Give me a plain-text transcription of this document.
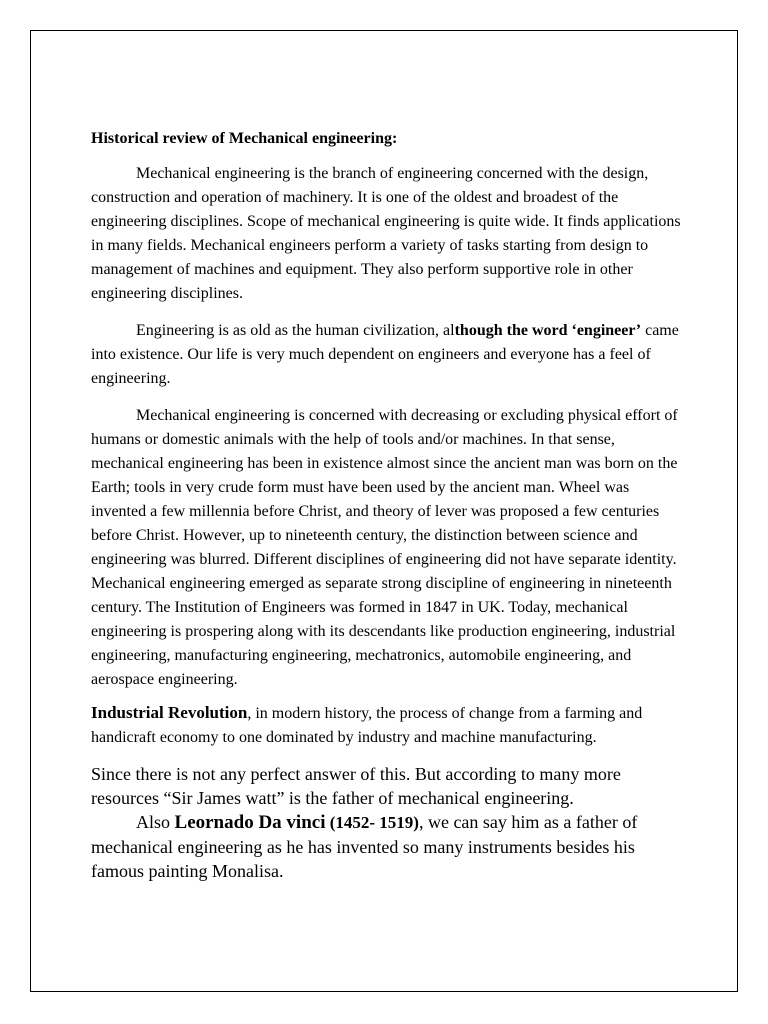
Historical review of Mechanical engineering:

Mechanical engineering is the branch of engineering concerned with the design, construction and operation of machinery. It is one of the oldest and broadest of the engineering disciplines. Scope of mechanical engineering is quite wide. It finds applications in many fields. Mechanical engineers perform a variety of tasks starting from design to management of machines and equipment. They also perform supportive role in other engineering disciplines.

Engineering is as old as the human civilization, although the word ‘engineer’ came into existence. Our life is very much dependent on engineers and everyone has a feel of engineering.

Mechanical engineering is concerned with decreasing or excluding physical effort of humans or domestic animals with the help of tools and/or machines. In that sense, mechanical engineering has been in existence almost since the ancient man was born on the Earth; tools in very crude form must have been used by the ancient man. Wheel was invented a few millennia before Christ, and theory of lever was proposed a few centuries before Christ. However, up to nineteenth century, the distinction between science and engineering was blurred. Different disciplines of engineering did not have separate identity. Mechanical engineering emerged as separate strong discipline of engineering in nineteenth century. The Institution of Engineers was formed in 1847 in UK. Today, mechanical engineering is prospering along with its descendants like production engineering, industrial engineering, manufacturing engineering, mechatronics, automobile engineering, and aerospace engineering.

Industrial Revolution, in modern history, the process of change from a farming and handicraft economy to one dominated by industry and machine manufacturing.

Since there is not any perfect answer of this. But according to many more resources “Sir James watt” is the father of mechanical engineering.

Also Leornado Da vinci (1452- 1519), we can say him as a father of mechanical engineering as he has invented so many instruments besides his famous painting Monalisa.
